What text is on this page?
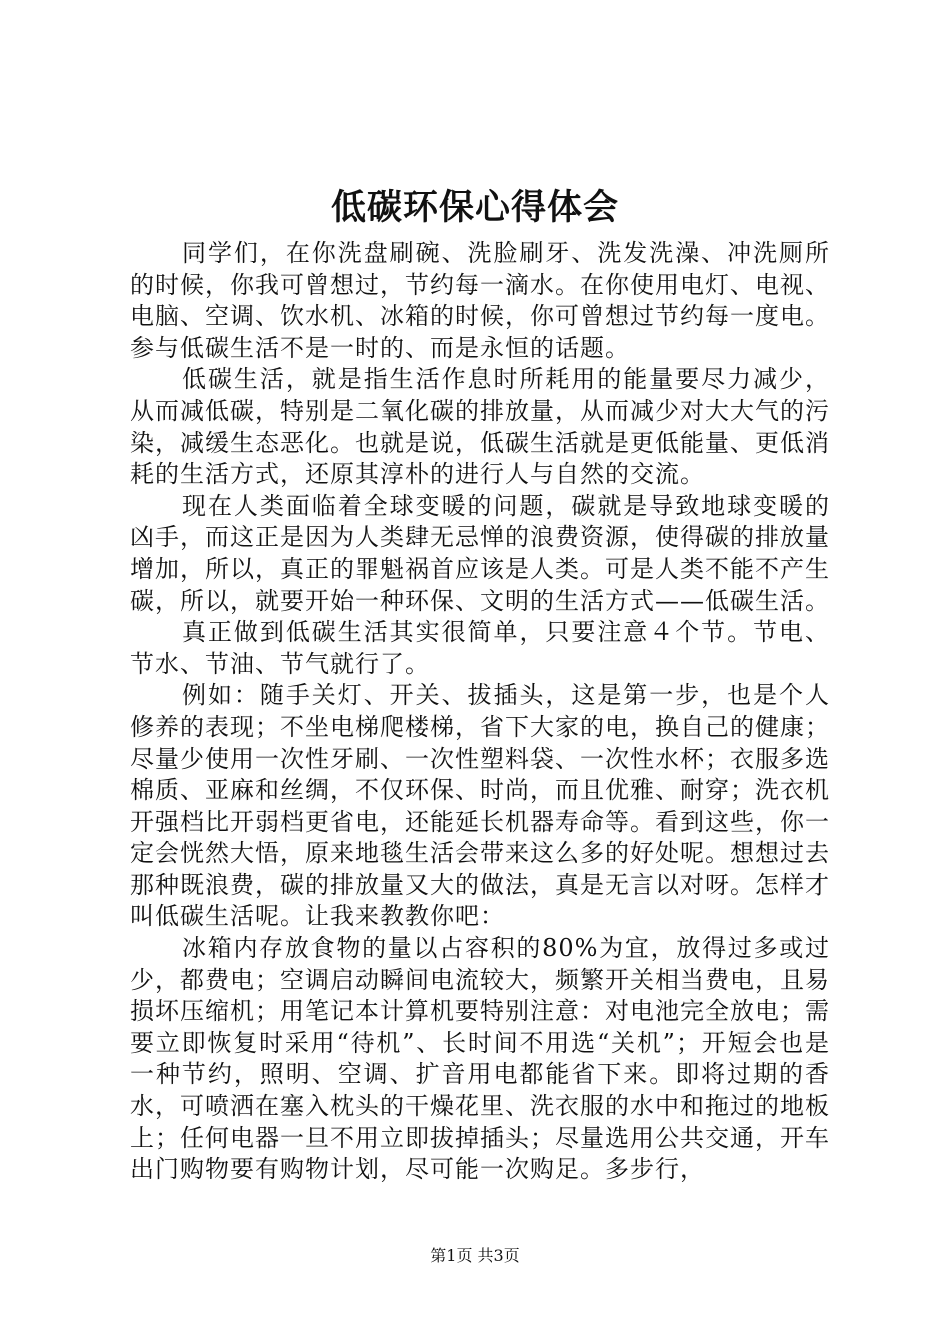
低碳环保心得体会

同学们，在你洗盘刷碗、洗脸刷牙、洗发洗澡、冲洗厕所的时候，你我可曾想过，节约每一滴水。在你使用电灯、电视、电脑、空调、饮水机、冰箱的时候，你可曾想过节约每一度电。参与低碳生活不是一时的、而是永恒的话题。

低碳生活，就是指生活作息时所耗用的能量要尽力减少，从而减低碳，特别是二氧化碳的排放量，从而减少对大大气的污染，减缓生态恶化。也就是说，低碳生活就是更低能量、更低消耗的生活方式，还原其淳朴的进行人与自然的交流。

现在人类面临着全球变暖的问题，碳就是导致地球变暖的凶手，而这正是因为人类肆无忌惮的浪费资源，使得碳的排放量增加，所以，真正的罪魁祸首应该是人类。可是人类不能不产生碳，所以，就要开始一种环保、文明的生活方式——低碳生活。

真正做到低碳生活其实很简单，只要注意４个节。节电、节水、节油、节气就行了。

例如：随手关灯、开关、拔插头，这是第一步，也是个人修养的表现；不坐电梯爬楼梯，省下大家的电，换自己的健康；尽量少使用一次性牙刷、一次性塑料袋、一次性水杯；衣服多选棉质、亚麻和丝绸，不仅环保、时尚，而且优雅、耐穿；洗衣机开强档比开弱档更省电，还能延长机器寿命等。看到这些，你一定会恍然大悟，原来地毯生活会带来这么多的好处呢。想想过去那种既浪费，碳的排放量又大的做法，真是无言以对呀。怎样才叫低碳生活呢。让我来教教你吧：

冰箱内存放食物的量以占容积的80%为宜，放得过多或过少，都费电；空调启动瞬间电流较大，频繁开关相当费电，且易损坏压缩机；用笔记本计算机要特别注意：对电池完全放电；需要立即恢复时采用“待机”、长时间不用选“关机”；开短会也是一种节约，照明、空调、扩音用电都能省下来。即将过期的香水，可喷洒在塞入枕头的干燥花里、洗衣服的水中和拖过的地板上；任何电器一旦不用立即拔掉插头；尽量选用公共交通，开车出门购物要有购物计划，尽可能一次购足。多步行，

第1页 共3页
